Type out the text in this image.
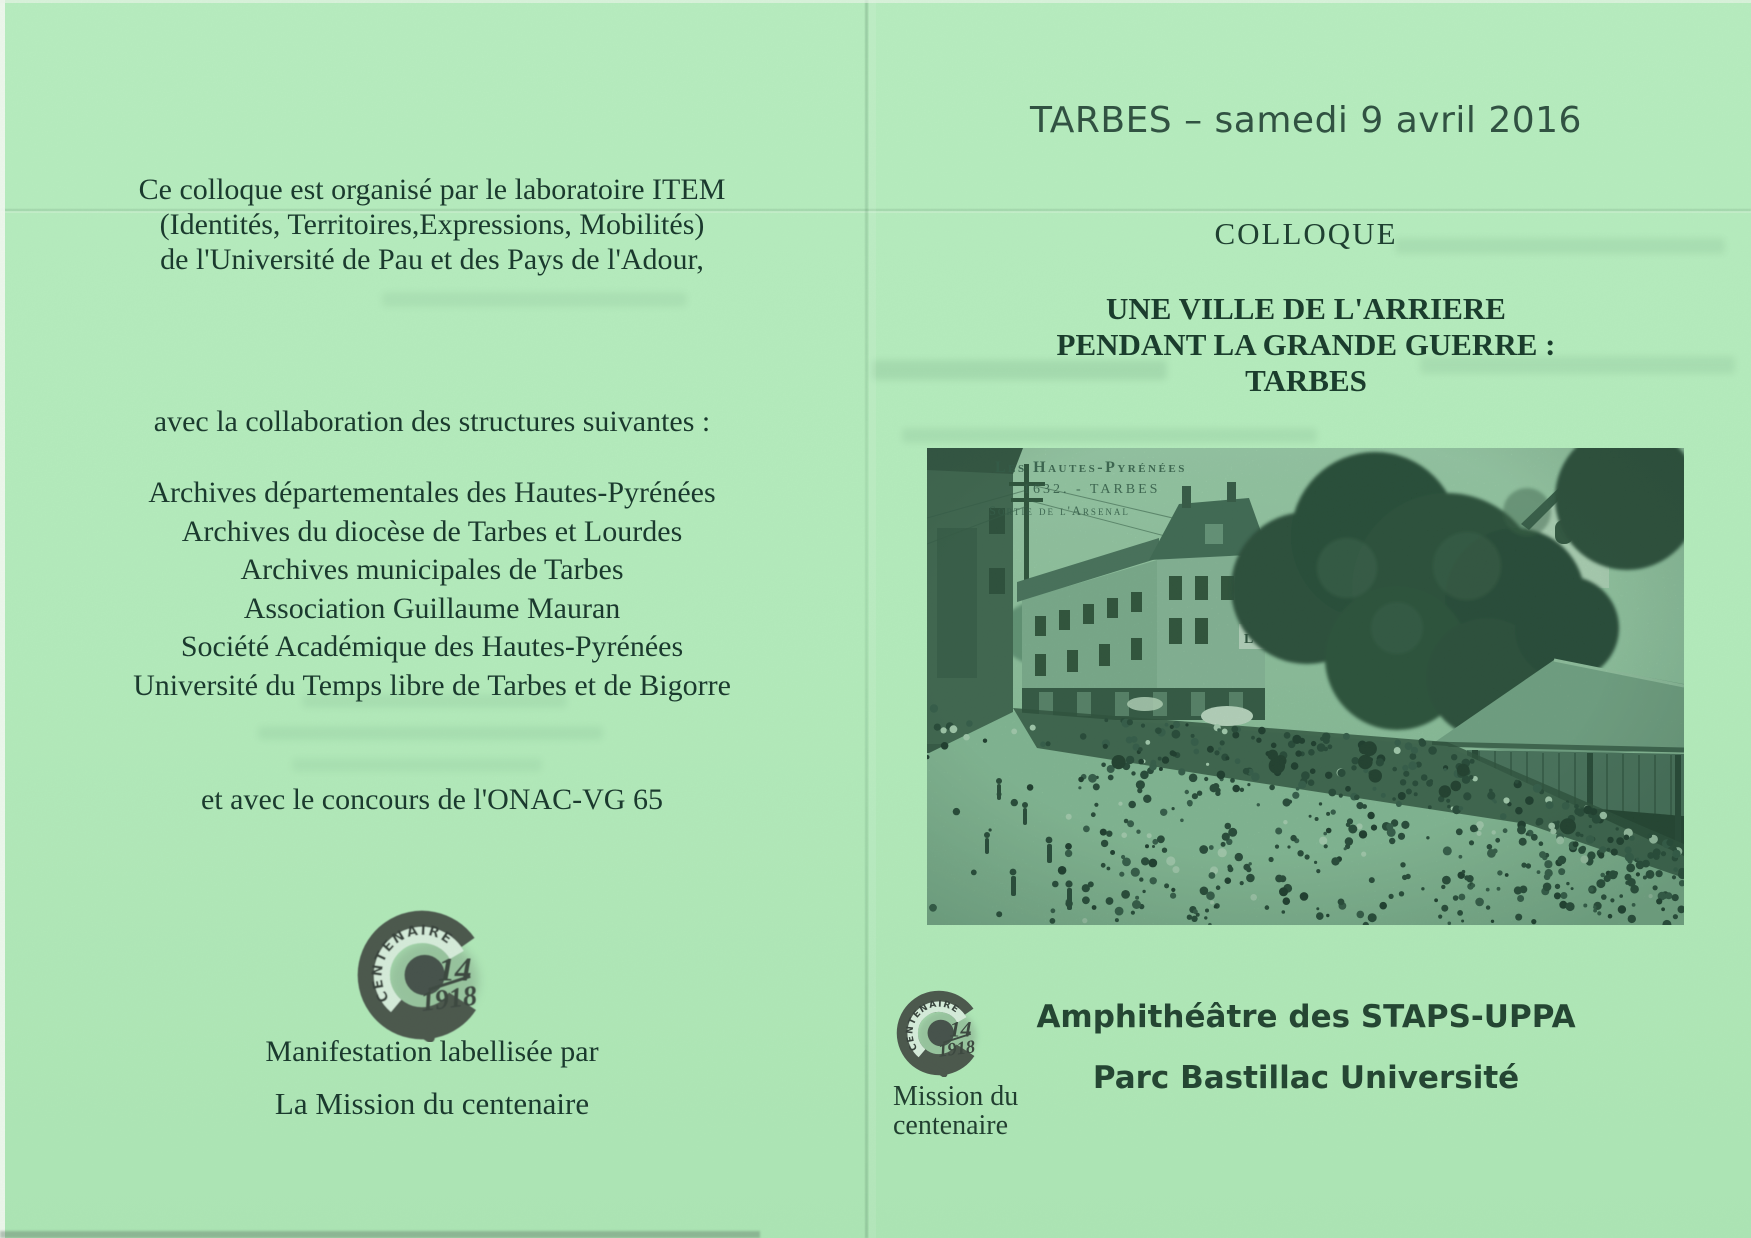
Ce colloque est organisé par le laboratoire ITEM
(Identités, Territoires,Expressions, Mobilités)
de l'Université de Pau et des Pays de l'Adour,
avec la collaboration des structures suivantes :
Archives départementales des Hautes-Pyrénées
Archives du diocèse de Tarbes et Lourdes
Archives municipales de Tarbes
Association Guillaume Mauran
Société Académique des Hautes-Pyrénées
Université du Temps libre de Tarbes et de Bigorre
et avec le concours de l'ONAC-VG 65
Manifestation labellisée par
La Mission du centenaire
TARBES – samedi 9 avril 2016
COLLOQUE
UNE VILLE DE L'ARRIERE
PENDANT LA GRANDE GUERRE :
TARBES
Mission du
centenaire
Amphithéâtre des STAPS-UPPA
Parc Bastillac Université
